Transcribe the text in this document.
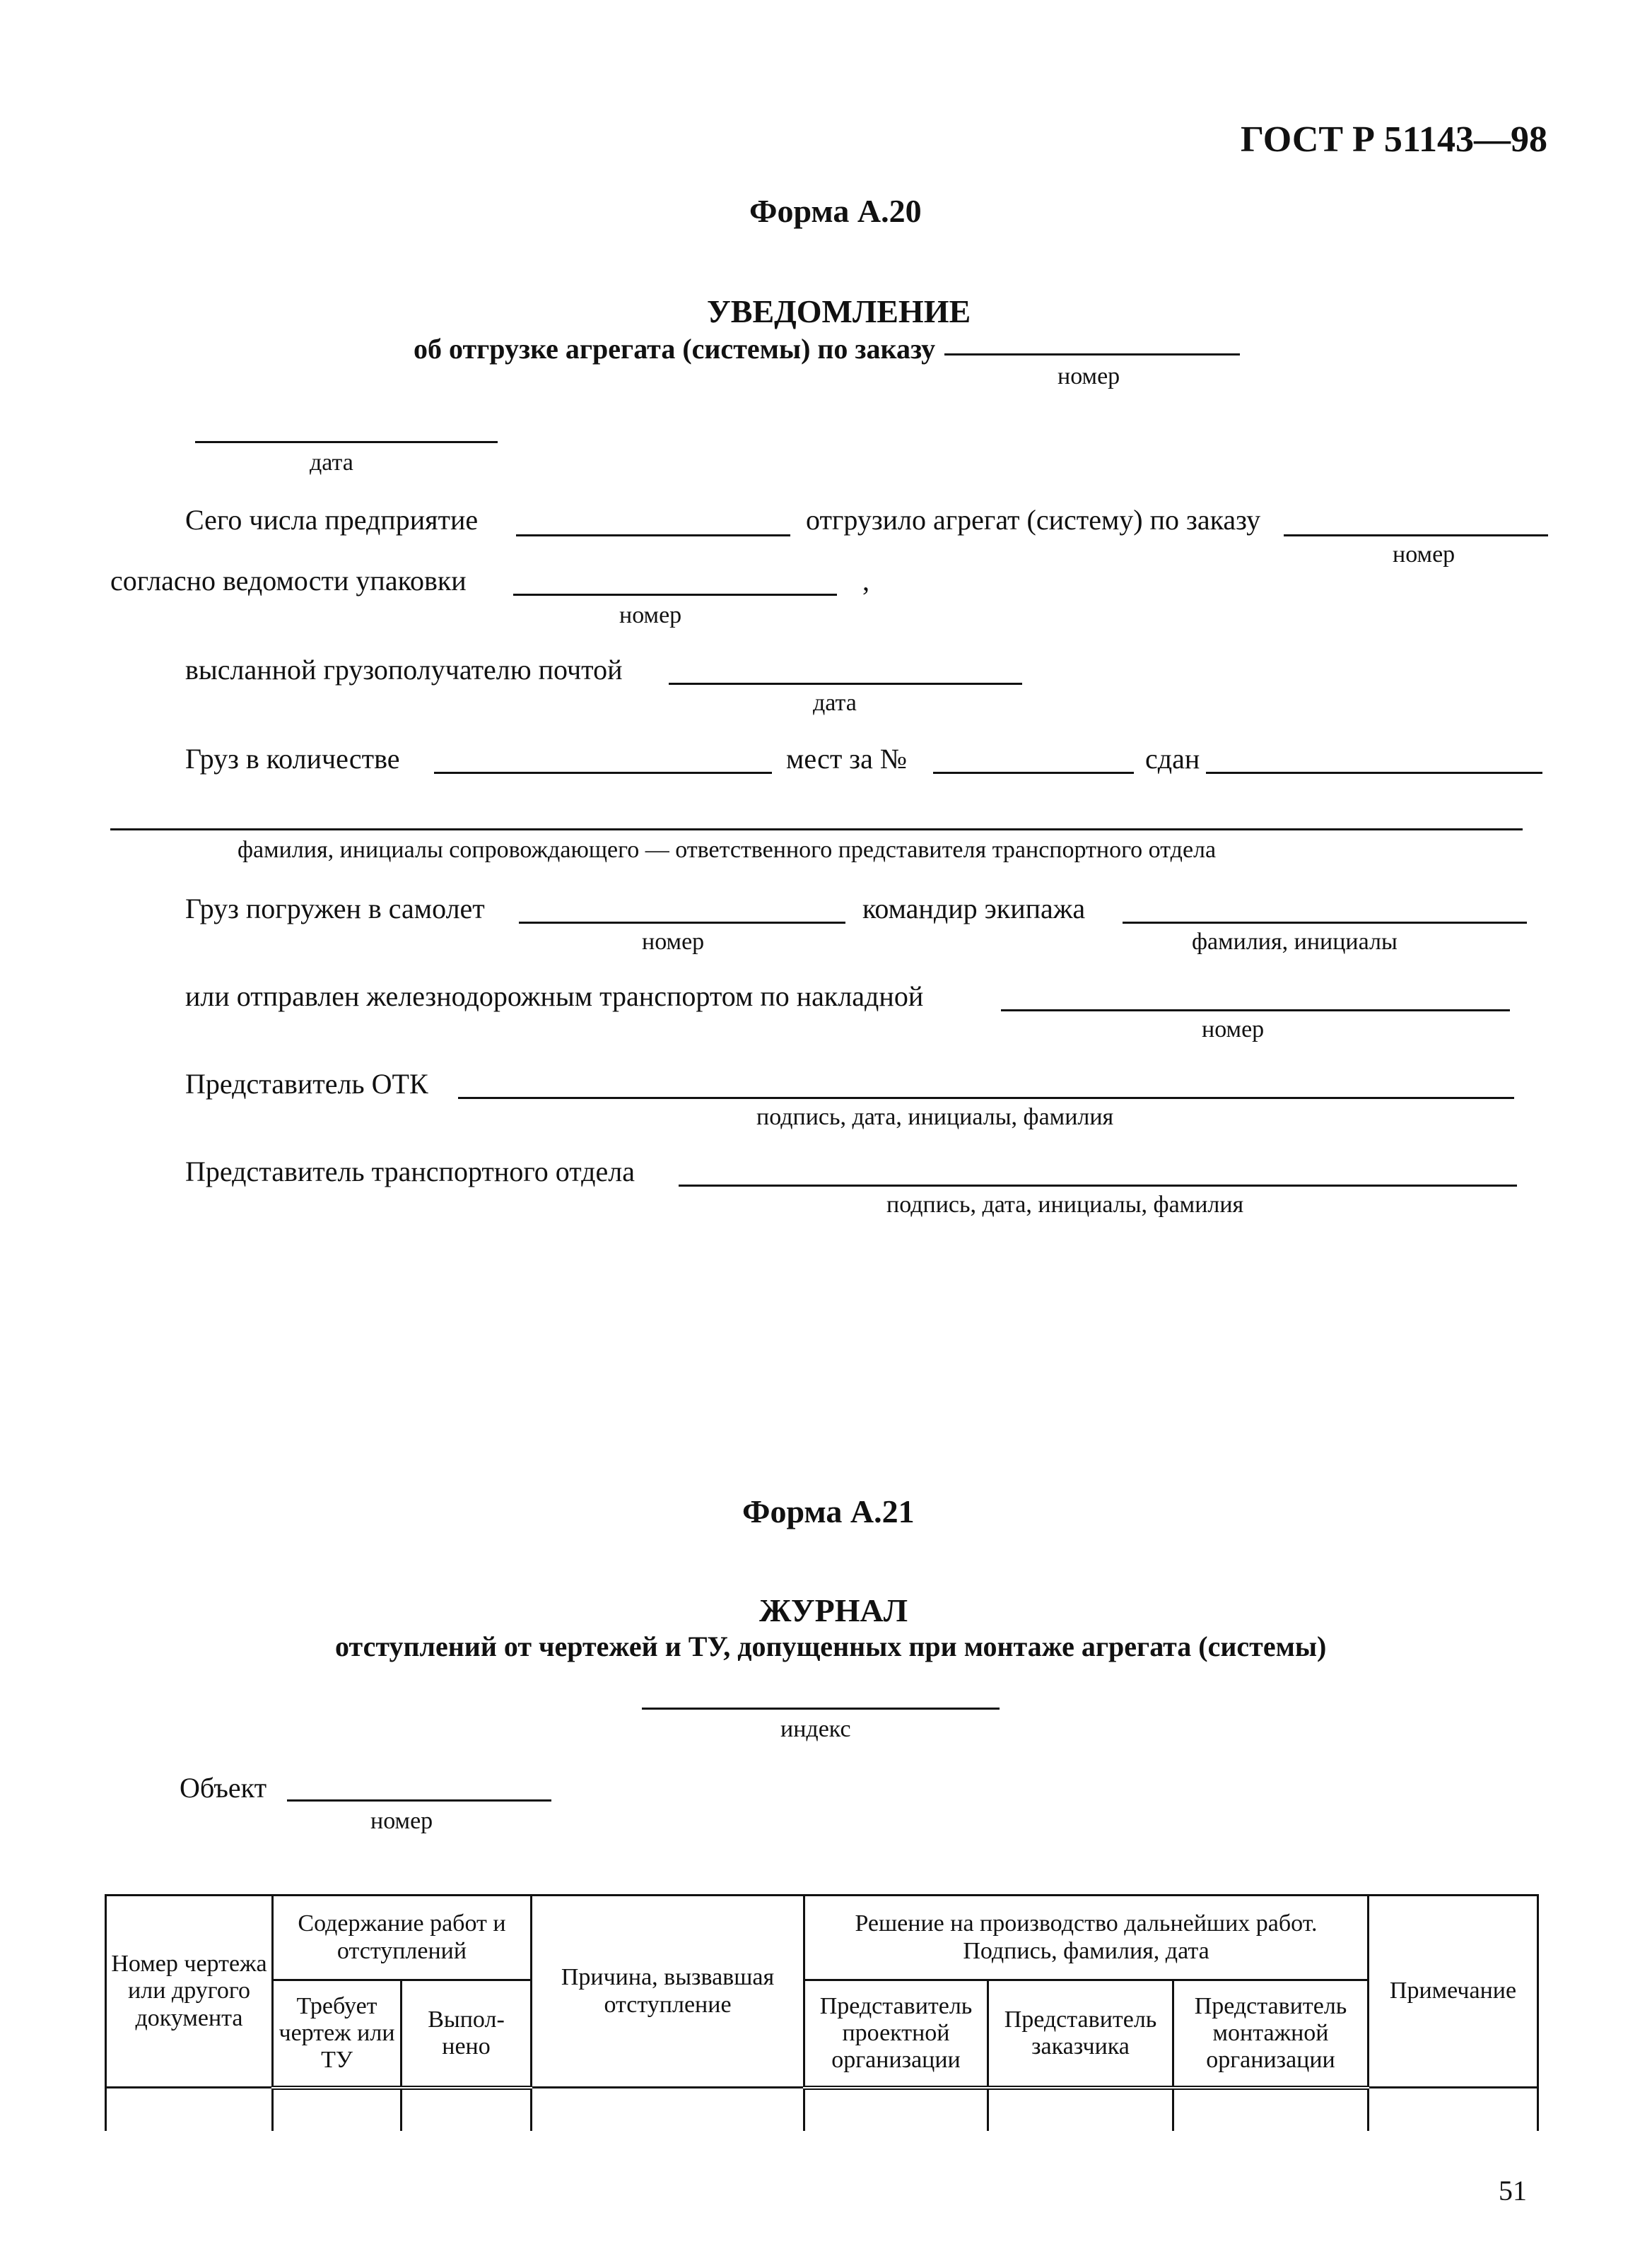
ГОСТ Р 51143—98
Форма А.20
УВЕДОМЛЕНИЕ
об отгрузке агрегата (системы) по заказу
номер
дата
Сего числа предприятие	отгрузило агрегат (систему) по заказу
номер
согласно ведомости упаковки	,
номер
высланной грузополучателю почтой
дата
Груз в количестве	мест за №	сдан
фамилия, инициалы сопровождающего — ответственного представителя транспортного отдела
Груз погружен в самолет	командир экипажа
номер	фамилия, инициалы
или отправлен железнодорожным транспортом по накладной
номер
Представитель ОТК
подпись, дата, инициалы, фамилия
Представитель транспортного отдела
подпись, дата, инициалы, фамилия
Форма А.21
ЖУРНАЛ
отступлений от чертежей и ТУ, допущенных при монтаже агрегата (системы)
индекс
Объект
номер
Номер чертежа или другого документа	Содержание работ и отступлений		Причина, вызвавшая отступление	Решение на производство дальнейших работ. Подпись, фамилия, дата			Примечание
	Требует чертеж или ТУ	Выпол-нено		Представитель проектной организации	Представитель заказчика	Представитель монтажной организации	

51
